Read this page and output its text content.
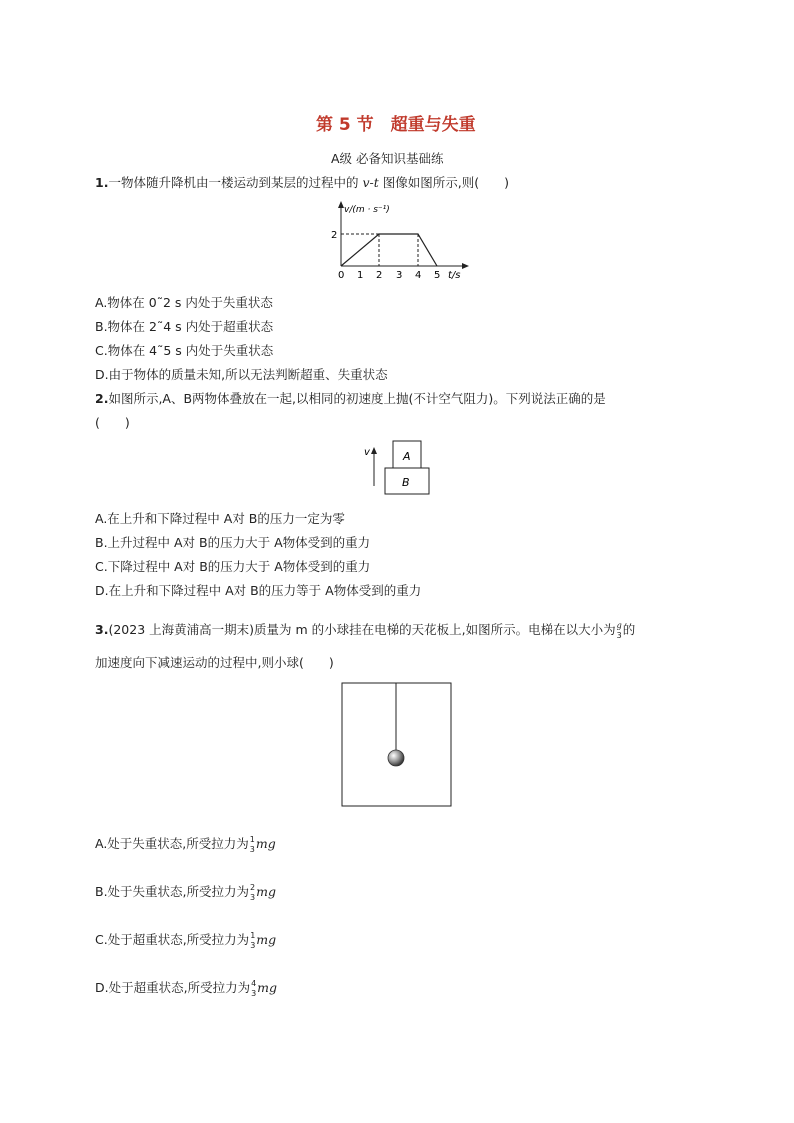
第 5 节　超重与失重
A级 必备知识基础练
1.一物体随升降机由一楼运动到某层的过程中的 v-t 图像如图所示,则(　　)
v/(m · s⁻¹)
2
0 1 2 3 4 5 t/s
A.物体在 0˜2 s 内处于失重状态
B.物体在 2˜4 s 内处于超重状态
C.物体在 4˜5 s 内处于失重状态
D.由于物体的质量未知,所以无法判断超重、失重状态
2.如图所示,A、B两物体叠放在一起,以相同的初速度上抛(不计空气阻力)。下列说法正确的是
(　　)
v	A
B
A.在上升和下降过程中 A对 B的压力一定为零
B.上升过程中 A对 B的压力大于 A物体受到的重力
C.下降过程中 A对 B的压力大于 A物体受到的重力
D.在上升和下降过程中 A对 B的压力等于 A物体受到的重力
3.(2023 上海黄浦高一期末)质量为 m 的小球挂在电梯的天花板上,如图所示。电梯在以大小为 g
3 的
加速度向下减速运动的过程中,则小球(　　)
A.处于失重状态,所受拉力为 1
3 mg
B.处于失重状态,所受拉力为 2
3 mg
C.处于超重状态,所受拉力为 1
3 mg
D.处于超重状态,所受拉力为 4
3 mg
